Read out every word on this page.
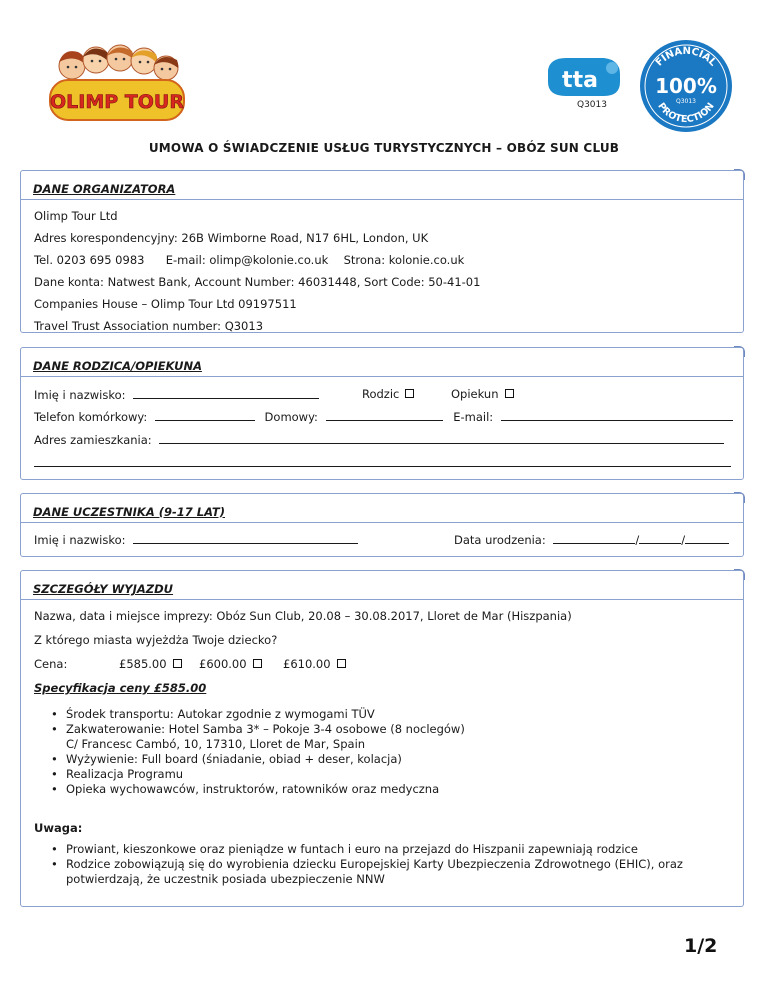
OLIMP TOUR
tta
Q3013
FINANCIAL
100%
Q3013
PROTECTION
UMOWA O ŚWIADCZENIE USŁUG TURYSTYCZNYCH – OBÓZ SUN CLUB
DANE ORGANIZATORA
Olimp Tour Ltd
Adres korespondencyjny: 26B Wimborne Road, N17 6HL, London, UK
Tel. 0203 695 0983 E-mail: olimp@kolonie.co.uk Strona: kolonie.co.uk
Dane konta: Natwest Bank, Account Number: 46031448, Sort Code: 50-41-01
Companies House – Olimp Tour Ltd 09197511
Travel Trust Association number: Q3013
DANE RODZICA/OPIEKUNA
Imię i nazwisko:	Rodzic	Opiekun
Telefon komórkowy:	Domowy:	E-mail:
Adres zamieszkania:
DANE UCZESTNIKA (9-17 LAT)
Imię i nazwisko:	Data urodzenia:	/	/
SZCZEGÓŁY WYJAZDU
Nazwa, data i miejsce imprezy: Obóz Sun Club, 20.08 – 30.08.2017, Lloret de Mar (Hiszpania)
Z którego miasta wyjeżdża Twoje dziecko?
Cena:	£585.00	£600.00	£610.00
Specyfikacja ceny £585.00
• Środek transportu: Autokar zgodnie z wymogami TÜV
• Zakwaterowanie: Hotel Samba 3* – Pokoje 3-4 osobowe (8 noclegów)
C/ Francesc Cambó, 10, 17310, Lloret de Mar, Spain
• Wyżywienie: Full board (śniadanie, obiad + deser, kolacja)
• Realizacja Programu
• Opieka wychowawców, instruktorów, ratowników oraz medyczna
Uwaga:
• Prowiant, kieszonkowe oraz pieniądze w funtach i euro na przejazd do Hiszpanii zapewniają rodzice
• Rodzice zobowiązują się do wyrobienia dziecku Europejskiej Karty Ubezpieczenia Zdrowotnego (EHIC), oraz
potwierdzają, że uczestnik posiada ubezpieczenie NNW
1/2
